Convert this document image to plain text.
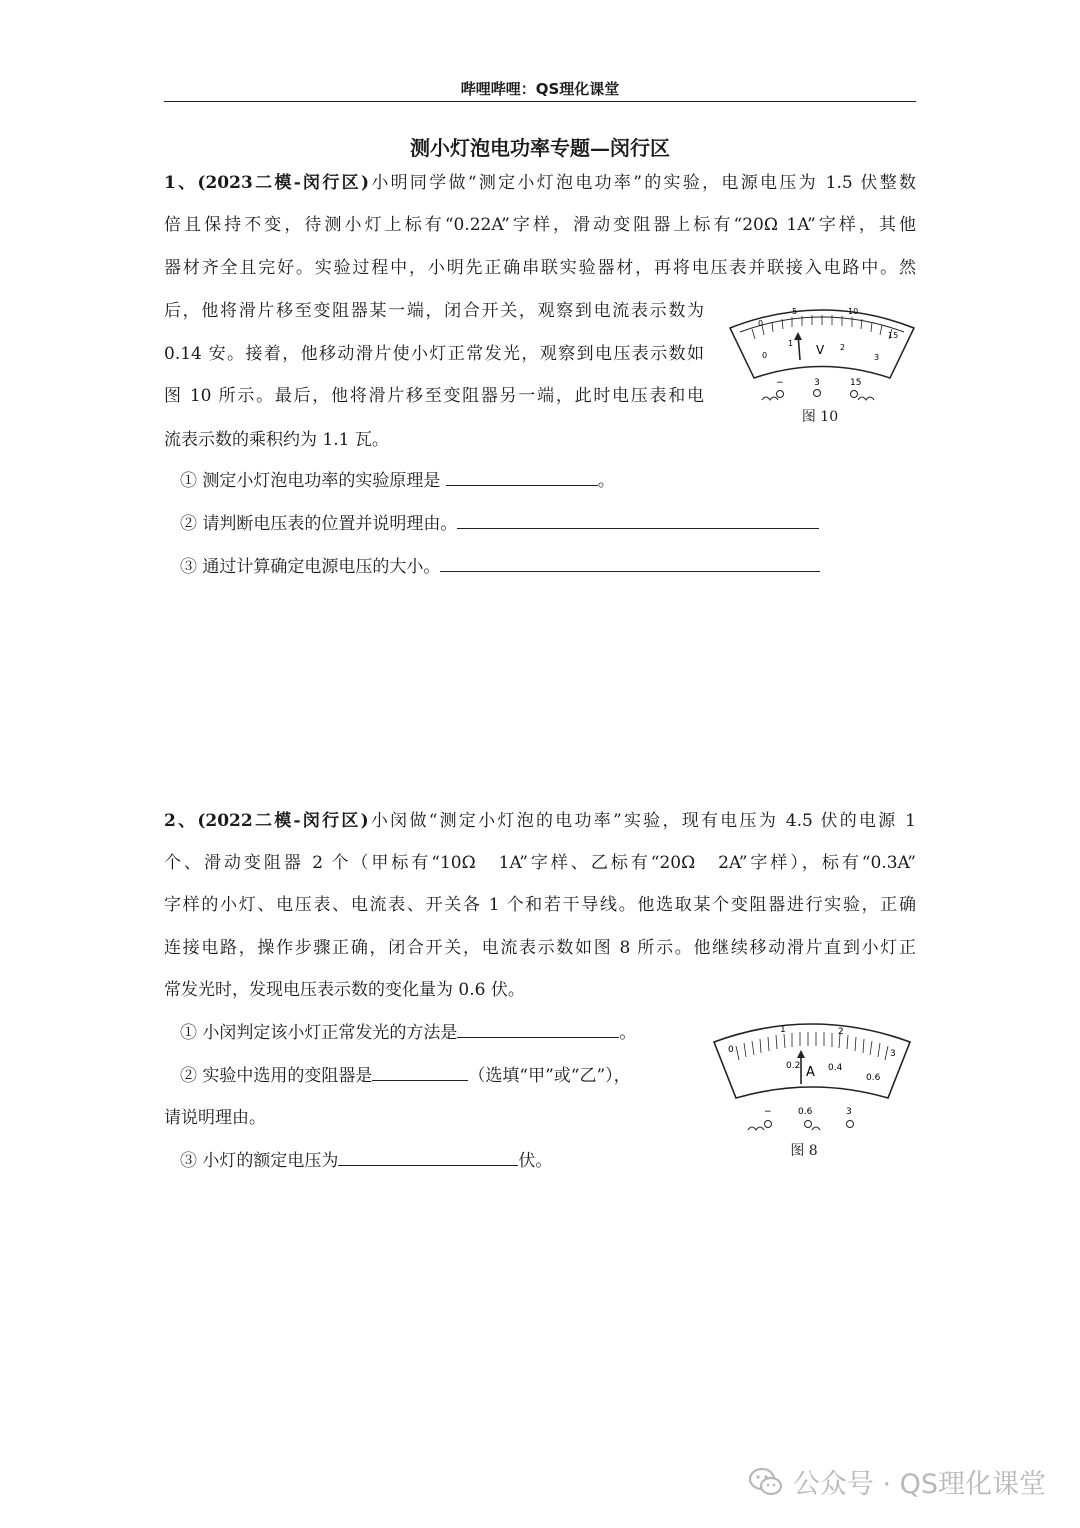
哔哩哔哩：QS理化课堂
测小灯泡电功率专题—闵行区
1、(2023二模-闵行区)小明同学做“测定小灯泡电功率”的实验，电源电压为 1.5 伏整数
倍且保持不变，待测小灯上标有“0.22A”字样，滑动变阻器上标有“20Ω 1A”字样，其他
器材齐全且完好。实验过程中，小明先正确串联实验器材，再将电压表并联接入电路中。然
后，他将滑片移至变阻器某一端，闭合开关，观察到电流表示数为
0.14 安。接着，他移动滑片使小灯正常发光，观察到电压表示数如
图 10 所示。最后，他将滑片移至变阻器另一端，此时电压表和电
流表示数的乘积约为 1.1 瓦。
① 测定小灯泡电功率的实验原理是	。
② 请判断电压表的位置并说明理由。
③ 通过计算确定电源电压的大小。
0
5	10
15
0
1	2
3
V
−	3	15
图 10
2、(2022二模-闵行区)小闵做“测定小灯泡的电功率”实验，现有电压为 4.5 伏的电源 1
个、滑动变阻器 2 个（甲标有“10Ω　1A”字样、乙标有“20Ω　2A”字样），标有“0.3A”
字样的小灯、电压表、电流表、开关各 1 个和若干导线。他选取某个变阻器进行实验，正确
连接电路，操作步骤正确，闭合开关，电流表示数如图 8 所示。他继续移动滑片直到小灯正
常发光时，发现电压表示数的变化量为 0.6 伏。
① 小闵判定该小灯正常发光的方法是	。
② 实验中选用的变阻器是	（选填“甲”或“乙”），
请说明理由。
③ 小灯的额定电压为	伏。
0
1	2
3
0.2	0.4
0.6
A
−	0.6	3
图 8
公众号 · QS理化课堂
